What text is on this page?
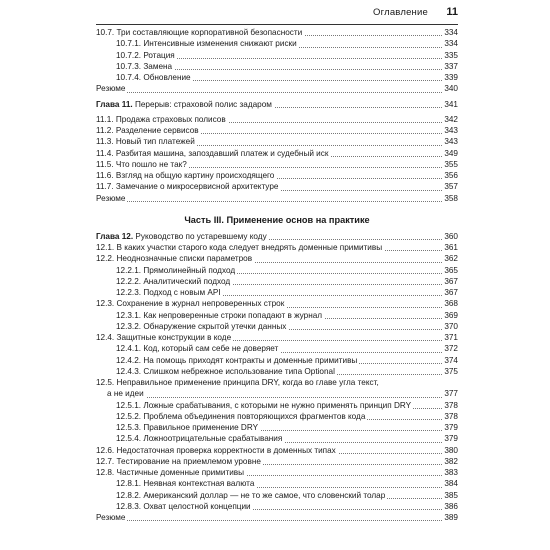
Оглавление 11
10.7. Три составляющие корпоративной безопасности	334
10.7.1. Интенсивные изменения снижают риски	334
10.7.2. Ротация	335
10.7.3. Замена	337
10.7.4. Обновление	339
Резюме	340
Глава 11. Перерыв: страховой полис задаром	341
11.1. Продажа страховых полисов	342
11.2. Разделение сервисов	343
11.3. Новый тип платежей	343
11.4. Разбитая машина, запоздавший платеж и судебный иск	349
11.5. Что пошло не так?	355
11.6. Взгляд на общую картину происходящего	356
11.7. Замечание о микросервисной архитектуре	357
Резюме	358
Часть III. Применение основ на практике
Глава 12. Руководство по устаревшему коду	360
12.1. В каких участки старого кода следует внедрять доменные примитивы	361
12.2. Неоднозначные списки параметров	362
12.2.1. Прямолинейный подход	365
12.2.2. Аналитический подход	367
12.2.3. Подход с новым API	367
12.3. Сохранение в журнал непроверенных строк	368
12.3.1. Как непроверенные строки попадают в журнал	369
12.3.2. Обнаружение скрытой утечки данных	370
12.4. Защитные конструкции в коде	371
12.4.1. Код, который сам себе не доверяет	372
12.4.2. На помощь приходят контракты и доменные примитивы	374
12.4.3. Слишком небрежное использование типа Optional	375
12.5. Неправильное применение принципа DRY, когда во главе угла текст,
а не идеи	377
12.5.1. Ложные срабатывания, с которыми не нужно применять принцип DRY	378
12.5.2. Проблема объединения повторяющихся фрагментов кода	378
12.5.3. Правильное применение DRY	379
12.5.4. Ложноотрицательные срабатывания	379
12.6. Недостаточная проверка корректности в доменных типах	380
12.7. Тестирование на приемлемом уровне	382
12.8. Частичные доменные примитивы	383
12.8.1. Неявная контекстная валюта	384
12.8.2. Американский доллар — не то же самое, что словенский толар	385
12.8.3. Охват целостной концепции	386
Резюме	389
